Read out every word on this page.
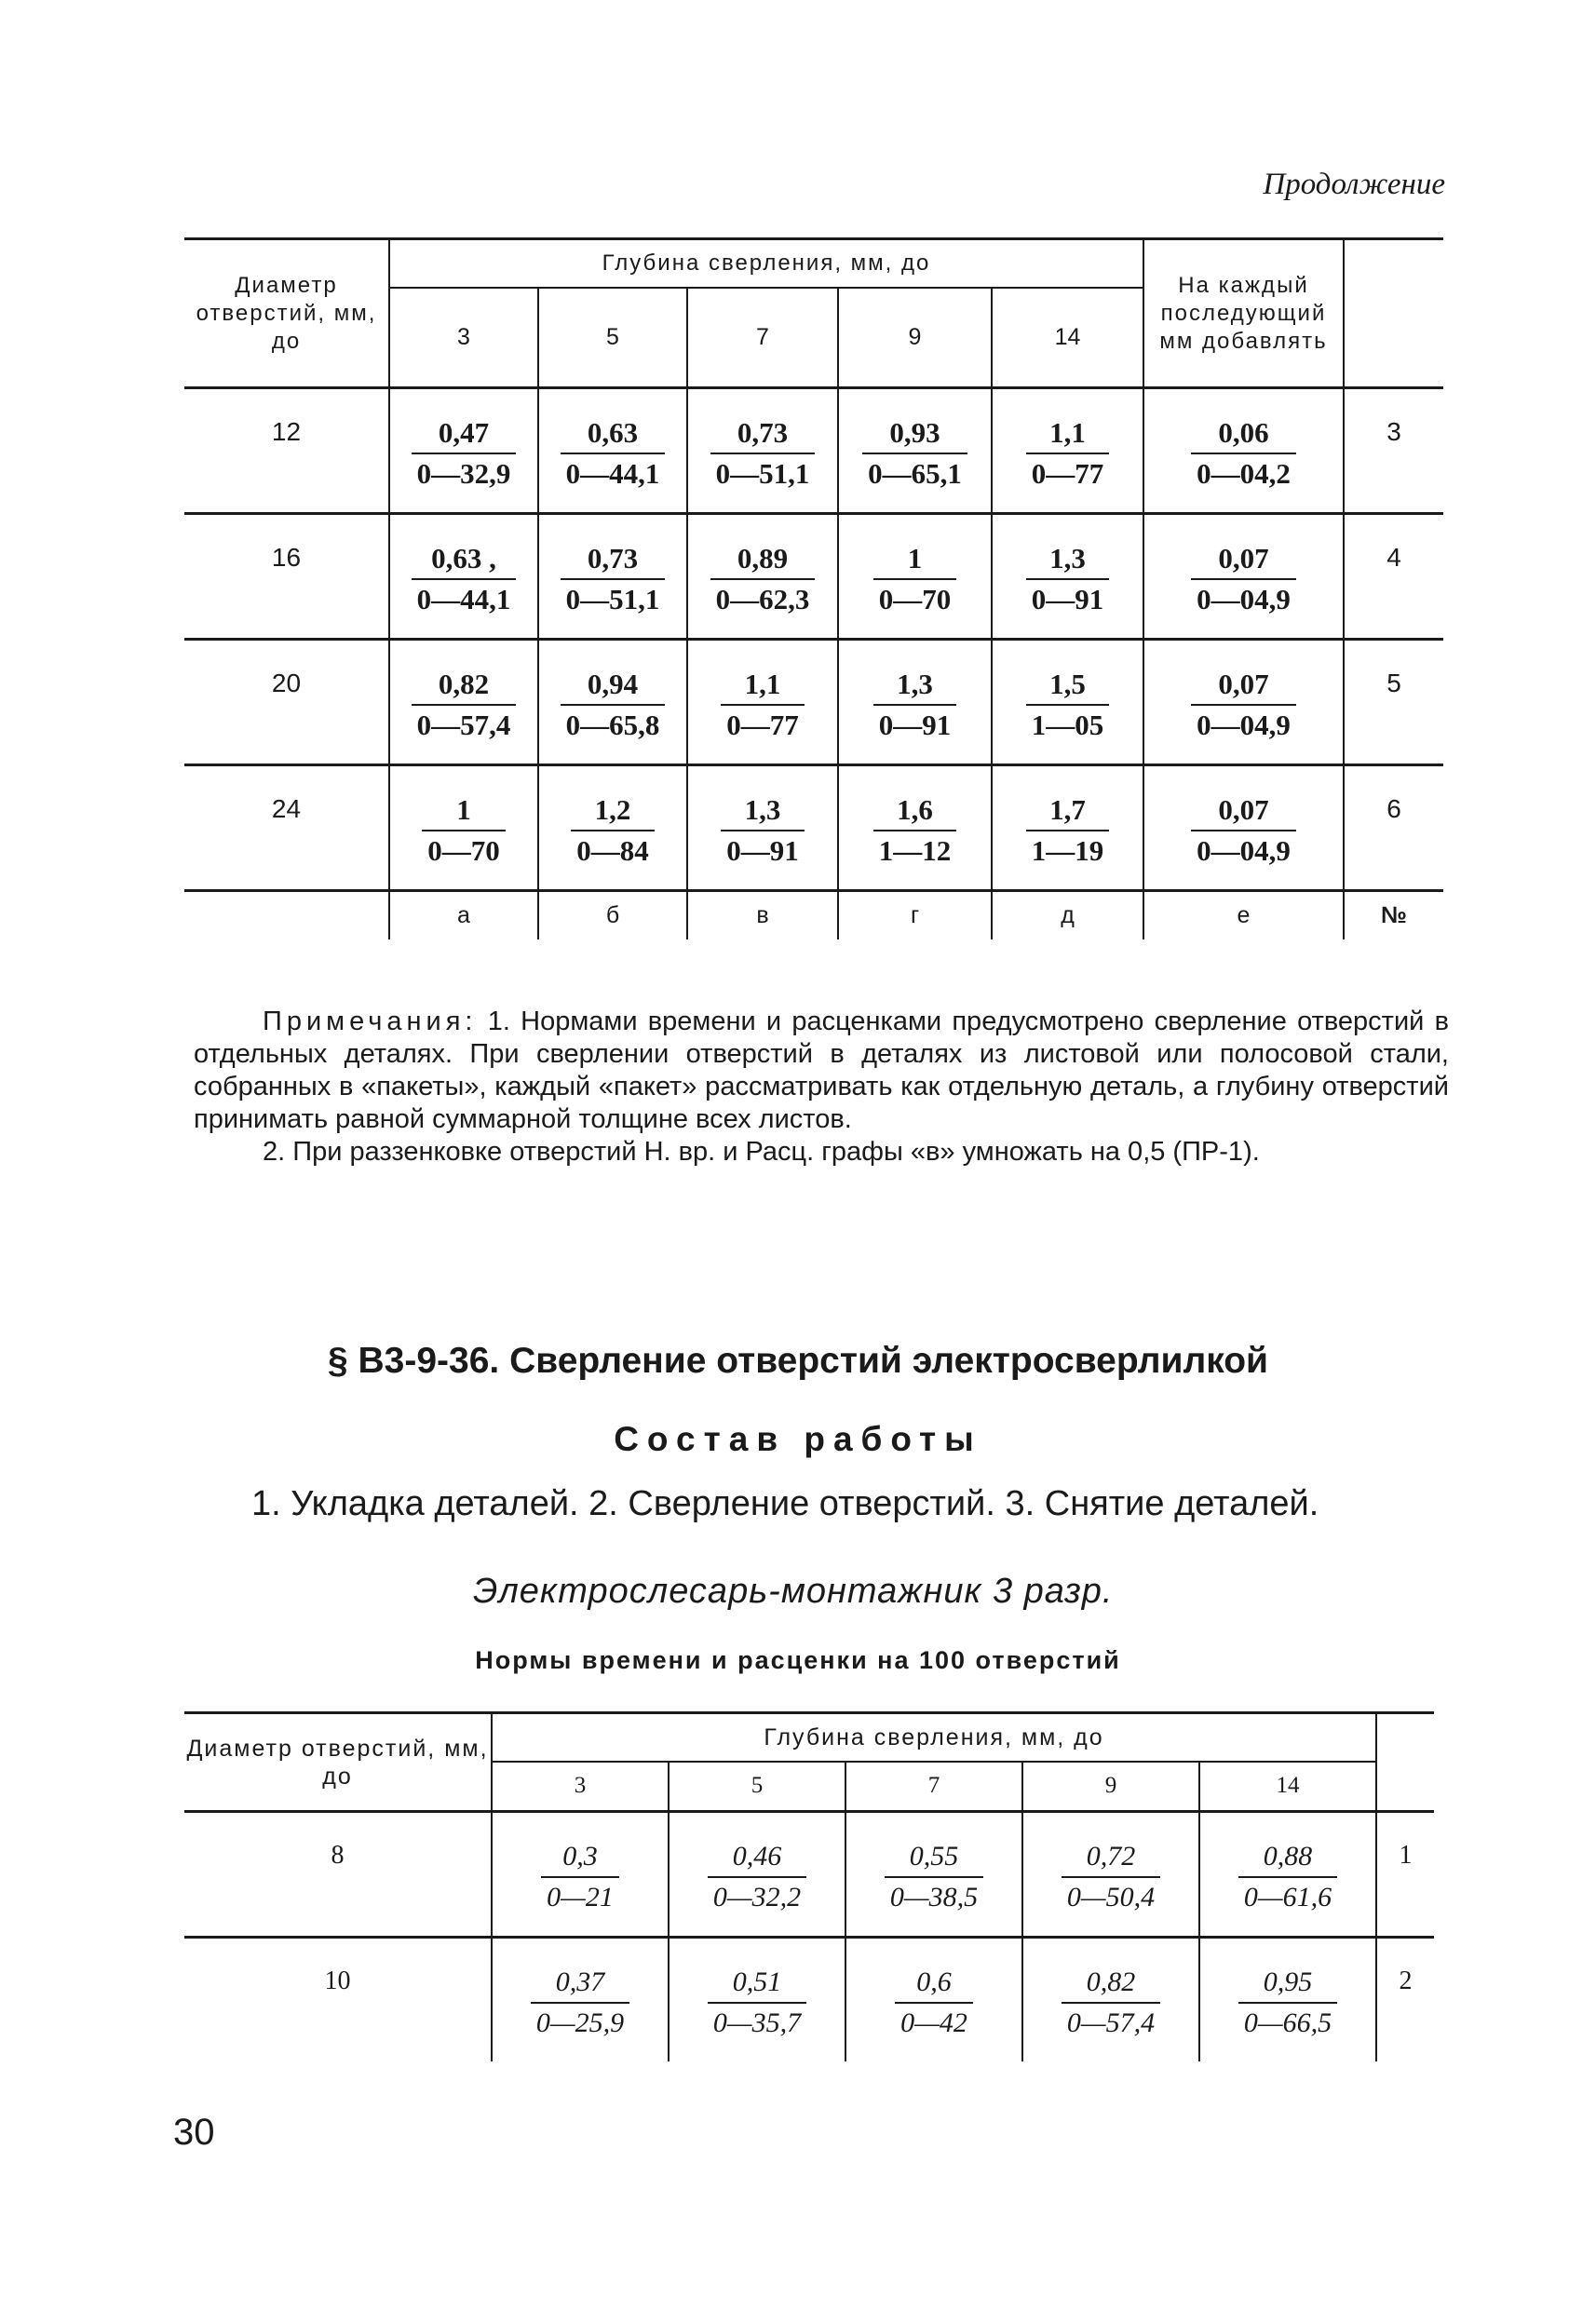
Продолжение
Диаметр отверстий, мм, до	Глубина сверления, мм, до					На каждый последующий мм добавлять	
	3	5	7	9	14		
12	$\frac{0,47}{0—32,9}$	$\frac{0,63}{0—44,1}$	$\frac{0,73}{0—51,1}$	$\frac{0,93}{0—65,1}$	$\frac{1,1}{0—77}$	$\frac{0,06}{0—04,2}$	3
16	$\frac{0,63 ,}{0—44,1}$	$\frac{0,73}{0—51,1}$	$\frac{0,89}{0—62,3}$	$\frac{1}{0—70}$	$\frac{1,3}{0—91}$	$\frac{0,07}{0—04,9}$	4
20	$\frac{0,82}{0—57,4}$	$\frac{0,94}{0—65,8}$	$\frac{1,1}{0—77}$	$\frac{1,3}{0—91}$	$\frac{1,5}{1—05}$	$\frac{0,07}{0—04,9}$	5
24	$\frac{1}{0—70}$	$\frac{1,2}{0—84}$	$\frac{1,3}{0—91}$	$\frac{1,6}{1—12}$	$\frac{1,7}{1—19}$	$\frac{0,07}{0—04,9}$	6
	а	б	в	г	д	е	№

Примечания: 1. Нормами времени и расценками предусмотрено сверление отверстий в отдельных деталях. При сверлении отверстий в деталях из листовой или полосовой стали, собранных в «пакеты», каждый «пакет» рассматривать как отдельную деталь, а глубину отверстий принимать равной суммарной толщине всех листов.

2. При раззенковке отверстий Н. вр. и Расц. графы «в» умножать на 0,5 (ПР-1).

§ В3-9-36. Сверление отверстий электросверлилкой
Состав работы

1. Укладка деталей. 2. Сверление отверстий. 3. Снятие деталей.

Электрослесарь-монтажник 3 разр.
Нормы времени и расценки на 100 отверстий
Диаметр отверстий, мм, до	Глубина сверления, мм, до					
	3	5	7	9	14	
8	$\frac{0,3}{0—21}$	$\frac{0,46}{0—32,2}$	$\frac{0,55}{0—38,5}$	$\frac{0,72}{0—50,4}$	$\frac{0,88}{0—61,6}$	1
10	$\frac{0,37}{0—25,9}$	$\frac{0,51}{0—35,7}$	$\frac{0,6}{0—42}$	$\frac{0,82}{0—57,4}$	$\frac{0,95}{0—66,5}$	2
30
